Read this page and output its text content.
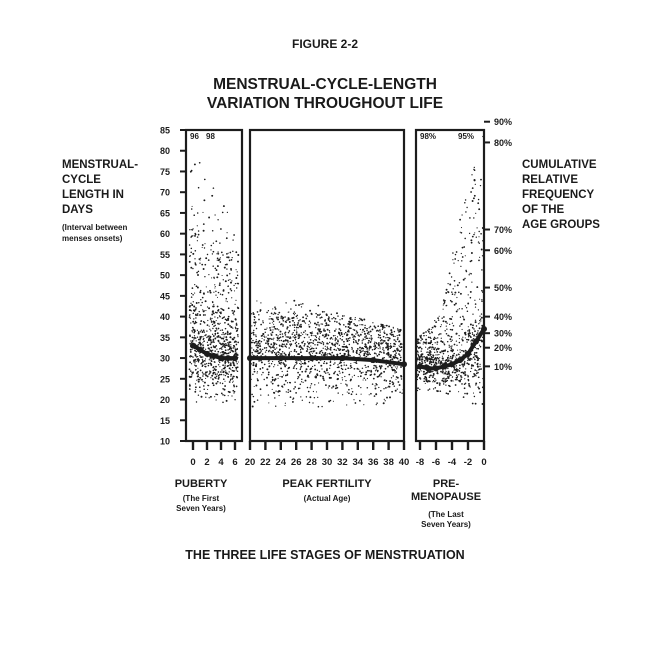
FIGURE 2-2
MENSTRUAL-CYCLE-LENGTH
VARIATION THROUGHOUT LIFE
MENSTRUAL-
CYCLE
LENGTH IN
DAYS
(Interval between
menses onsets)
CUMULATIVE
RELATIVE
FREQUENCY
OF THE
AGE GROUPS
0 2 4 6
96 98
20 22 24 26 28 30 32 34 36 38 40 -8 -6 -4 -2 0
98%	95%
10
15
20
25
30
35
40
45
50
55
60
65
70
75
80
85
90%
80%
70%
60%
50%
40%
30%
20%
10%
PUBERTY
(The First
Seven Years)
PEAK FERTILITY
(Actual Age)
PRE-
MENOPAUSE
(The Last
Seven Years)
THE THREE LIFE STAGES OF MENSTRUATION
